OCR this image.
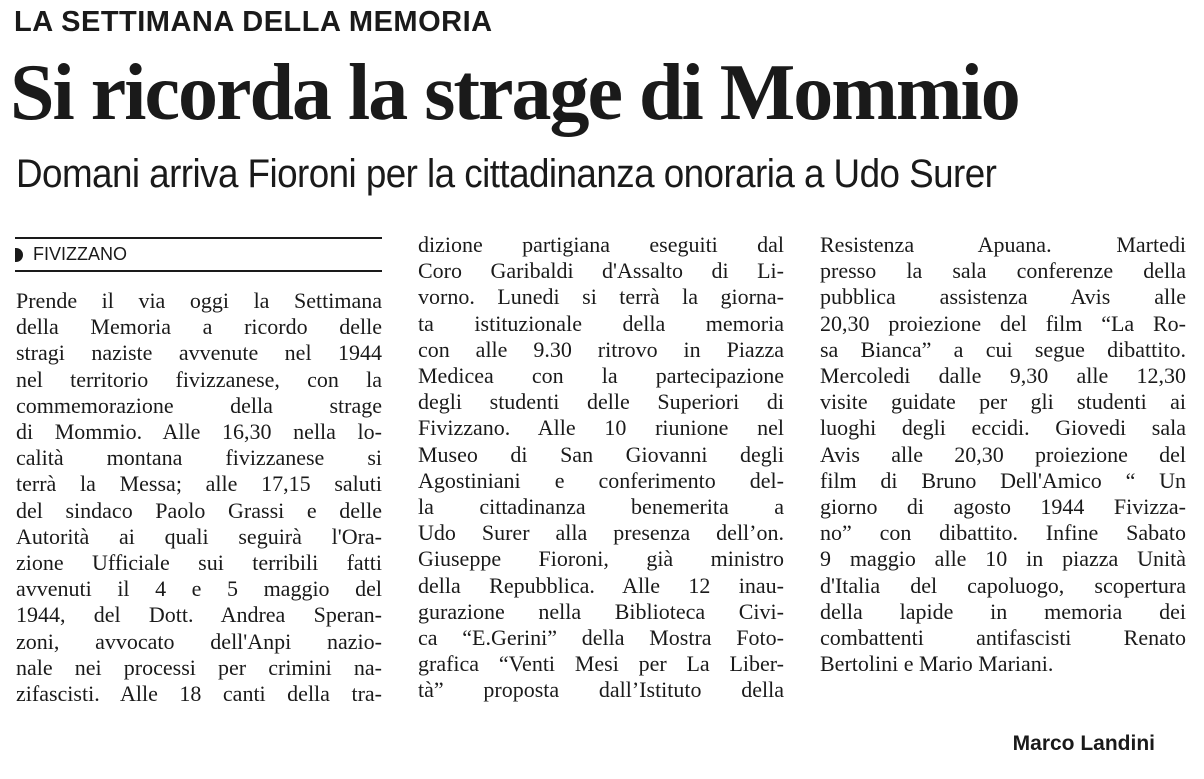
LA SETTIMANA DELLA MEMORIA
Si ricorda la strage di Mommio
Domani arriva Fioroni per la cittadinanza onoraria a Udo Surer
FIVIZZANO
Prende il via oggi la Settimana
della Memoria a ricordo delle
stragi naziste avvenute nel 1944
nel territorio fivizzanese, con la
commemorazione della strage
di Mommio. Alle 16,30 nella lo-
calità montana fivizzanese si
terrà la Messa; alle 17,15 saluti
del sindaco Paolo Grassi e delle
Autorità ai quali seguirà l'Ora-
zione Ufficiale sui terribili fatti
avvenuti il 4 e 5 maggio del
1944, del Dott. Andrea Speran-
zoni, avvocato dell'Anpi nazio-
nale nei processi per crimini na-
zifascisti. Alle 18 canti della tra-
dizione partigiana eseguiti dal
Coro Garibaldi d'Assalto di Li-
vorno. Lunedi si terrà la giorna-
ta istituzionale della memoria
con alle 9.30 ritrovo in Piazza
Medicea con la partecipazione
degli studenti delle Superiori di
Fivizzano. Alle 10 riunione nel
Museo di San Giovanni degli
Agostiniani e conferimento del-
la cittadinanza benemerita a
Udo Surer alla presenza dell’on.
Giuseppe Fioroni, già ministro
della Repubblica. Alle 12 inau-
gurazione nella Biblioteca Civi-
ca “E.Gerini” della Mostra Foto-
grafica “Venti Mesi per La Liber-
tà” proposta dall’Istituto della
Resistenza Apuana. Martedi
presso la sala conferenze della
pubblica assistenza Avis alle
20,30 proiezione del film “La Ro-
sa Bianca” a cui segue dibattito.
Mercoledi dalle 9,30 alle 12,30
visite guidate per gli studenti ai
luoghi degli eccidi. Giovedi sala
Avis alle 20,30 proiezione del
film di Bruno Dell'Amico “ Un
giorno di agosto 1944 Fivizza-
no” con dibattito. Infine Sabato
9 maggio alle 10 in piazza Unità
d'Italia del capoluogo, scopertura
della lapide in memoria dei
combattenti antifascisti Renato
Bertolini e Mario Mariani.
Marco Landini
